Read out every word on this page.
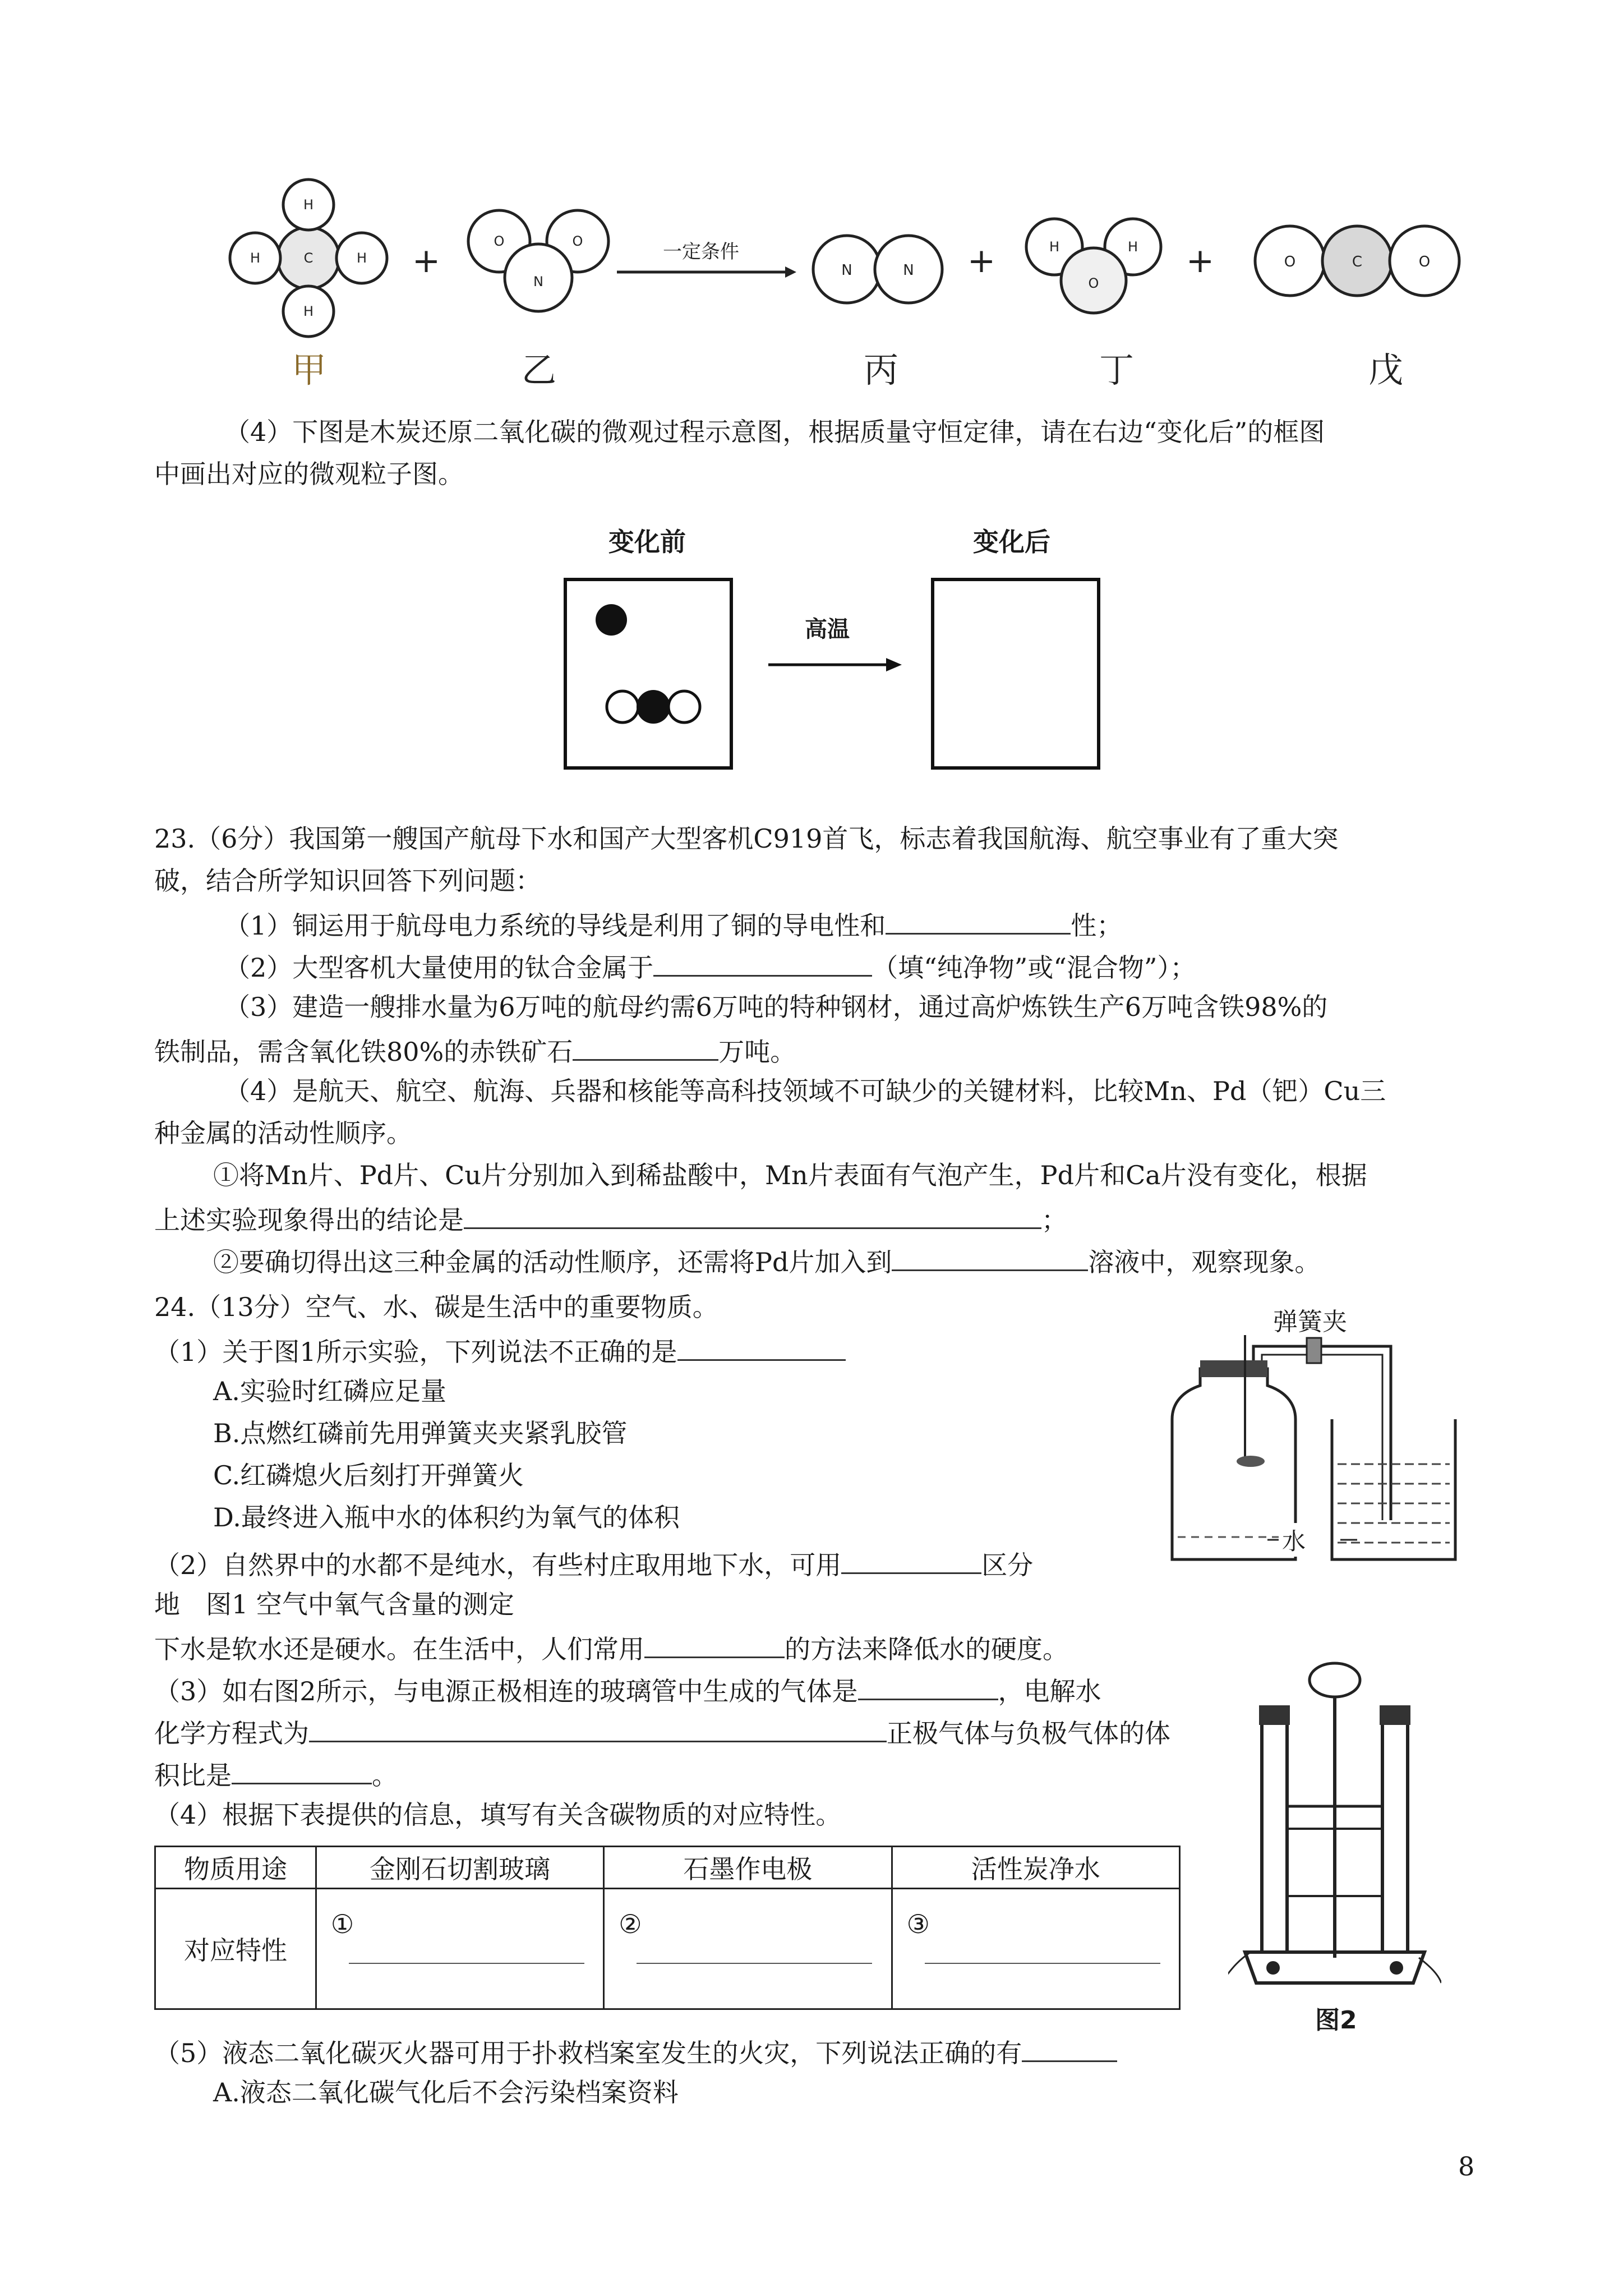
C
H
H
H	H +	O	O
N
一定条件
N	N +	H	H
O
+	O	C	O
甲	乙	丙	丁	戊
（4）下图是木炭还原二氧化碳的微观过程示意图，根据质量守恒定律，请在右边“变化后”的框图
中画出对应的微观粒子图。
变化前	变化后
高温
23.（6分）我国第一艘国产航母下水和国产大型客机C919首飞，标志着我国航海、航空事业有了重大突
破，结合所学知识回答下列问题：
（1）铜运用于航母电力系统的导线是利用了铜的导电性和	性；
（2）大型客机大量使用的钛合金属于	（填“纯净物”或“混合物”）；
（3）建造一艘排水量为6万吨的航母约需6万吨的特种钢材，通过高炉炼铁生产6万吨含铁98%的
铁制品，需含氧化铁80%的赤铁矿石	万吨。
（4）是航天、航空、航海、兵器和核能等高科技领域不可缺少的关键材料，比较Mn、Pd（钯）Cu三
种金属的活动性顺序。
①将Mn片、Pd片、Cu片分别加入到稀盐酸中，Mn片表面有气泡产生，Pd片和Ca片没有变化，根据
上述实验现象得出的结论是	；
②要确切得出这三种金属的活动性顺序，还需将Pd片加入到	溶液中，观察现象。
24.（13分）空气、水、碳是生活中的重要物质。
（1）关于图1所示实验，下列说法不正确的是
A.实验时红磷应足量
B.点燃红磷前先用弹簧夹夹紧乳胶管
C.红磷熄火后刻打开弹簧火
D.最终进入瓶中水的体积约为氧气的体积
（2）自然界中的水都不是纯水，有些村庄取用地下水，可用	区分
地　图1 空气中氧气含量的测定
下水是软水还是硬水。在生活中，人们常用	的方法来降低水的硬度。
（3）如右图2所示，与电源正极相连的玻璃管中生成的气体是	，电解水
化学方程式为	正极气体与负极气体的体
积比是	。
（4）根据下表提供的信息，填写有关含碳物质的对应特性。
物质用途	金刚石切割玻璃	石墨作电极	活性炭净水
对应特性	①	②	③
（5）液态二氧化碳灭火器可用于扑救档案室发生的火灾，下列说法正确的有
A.液态二氧化碳气化后不会污染档案资料
弹簧夹
水
图2
8
